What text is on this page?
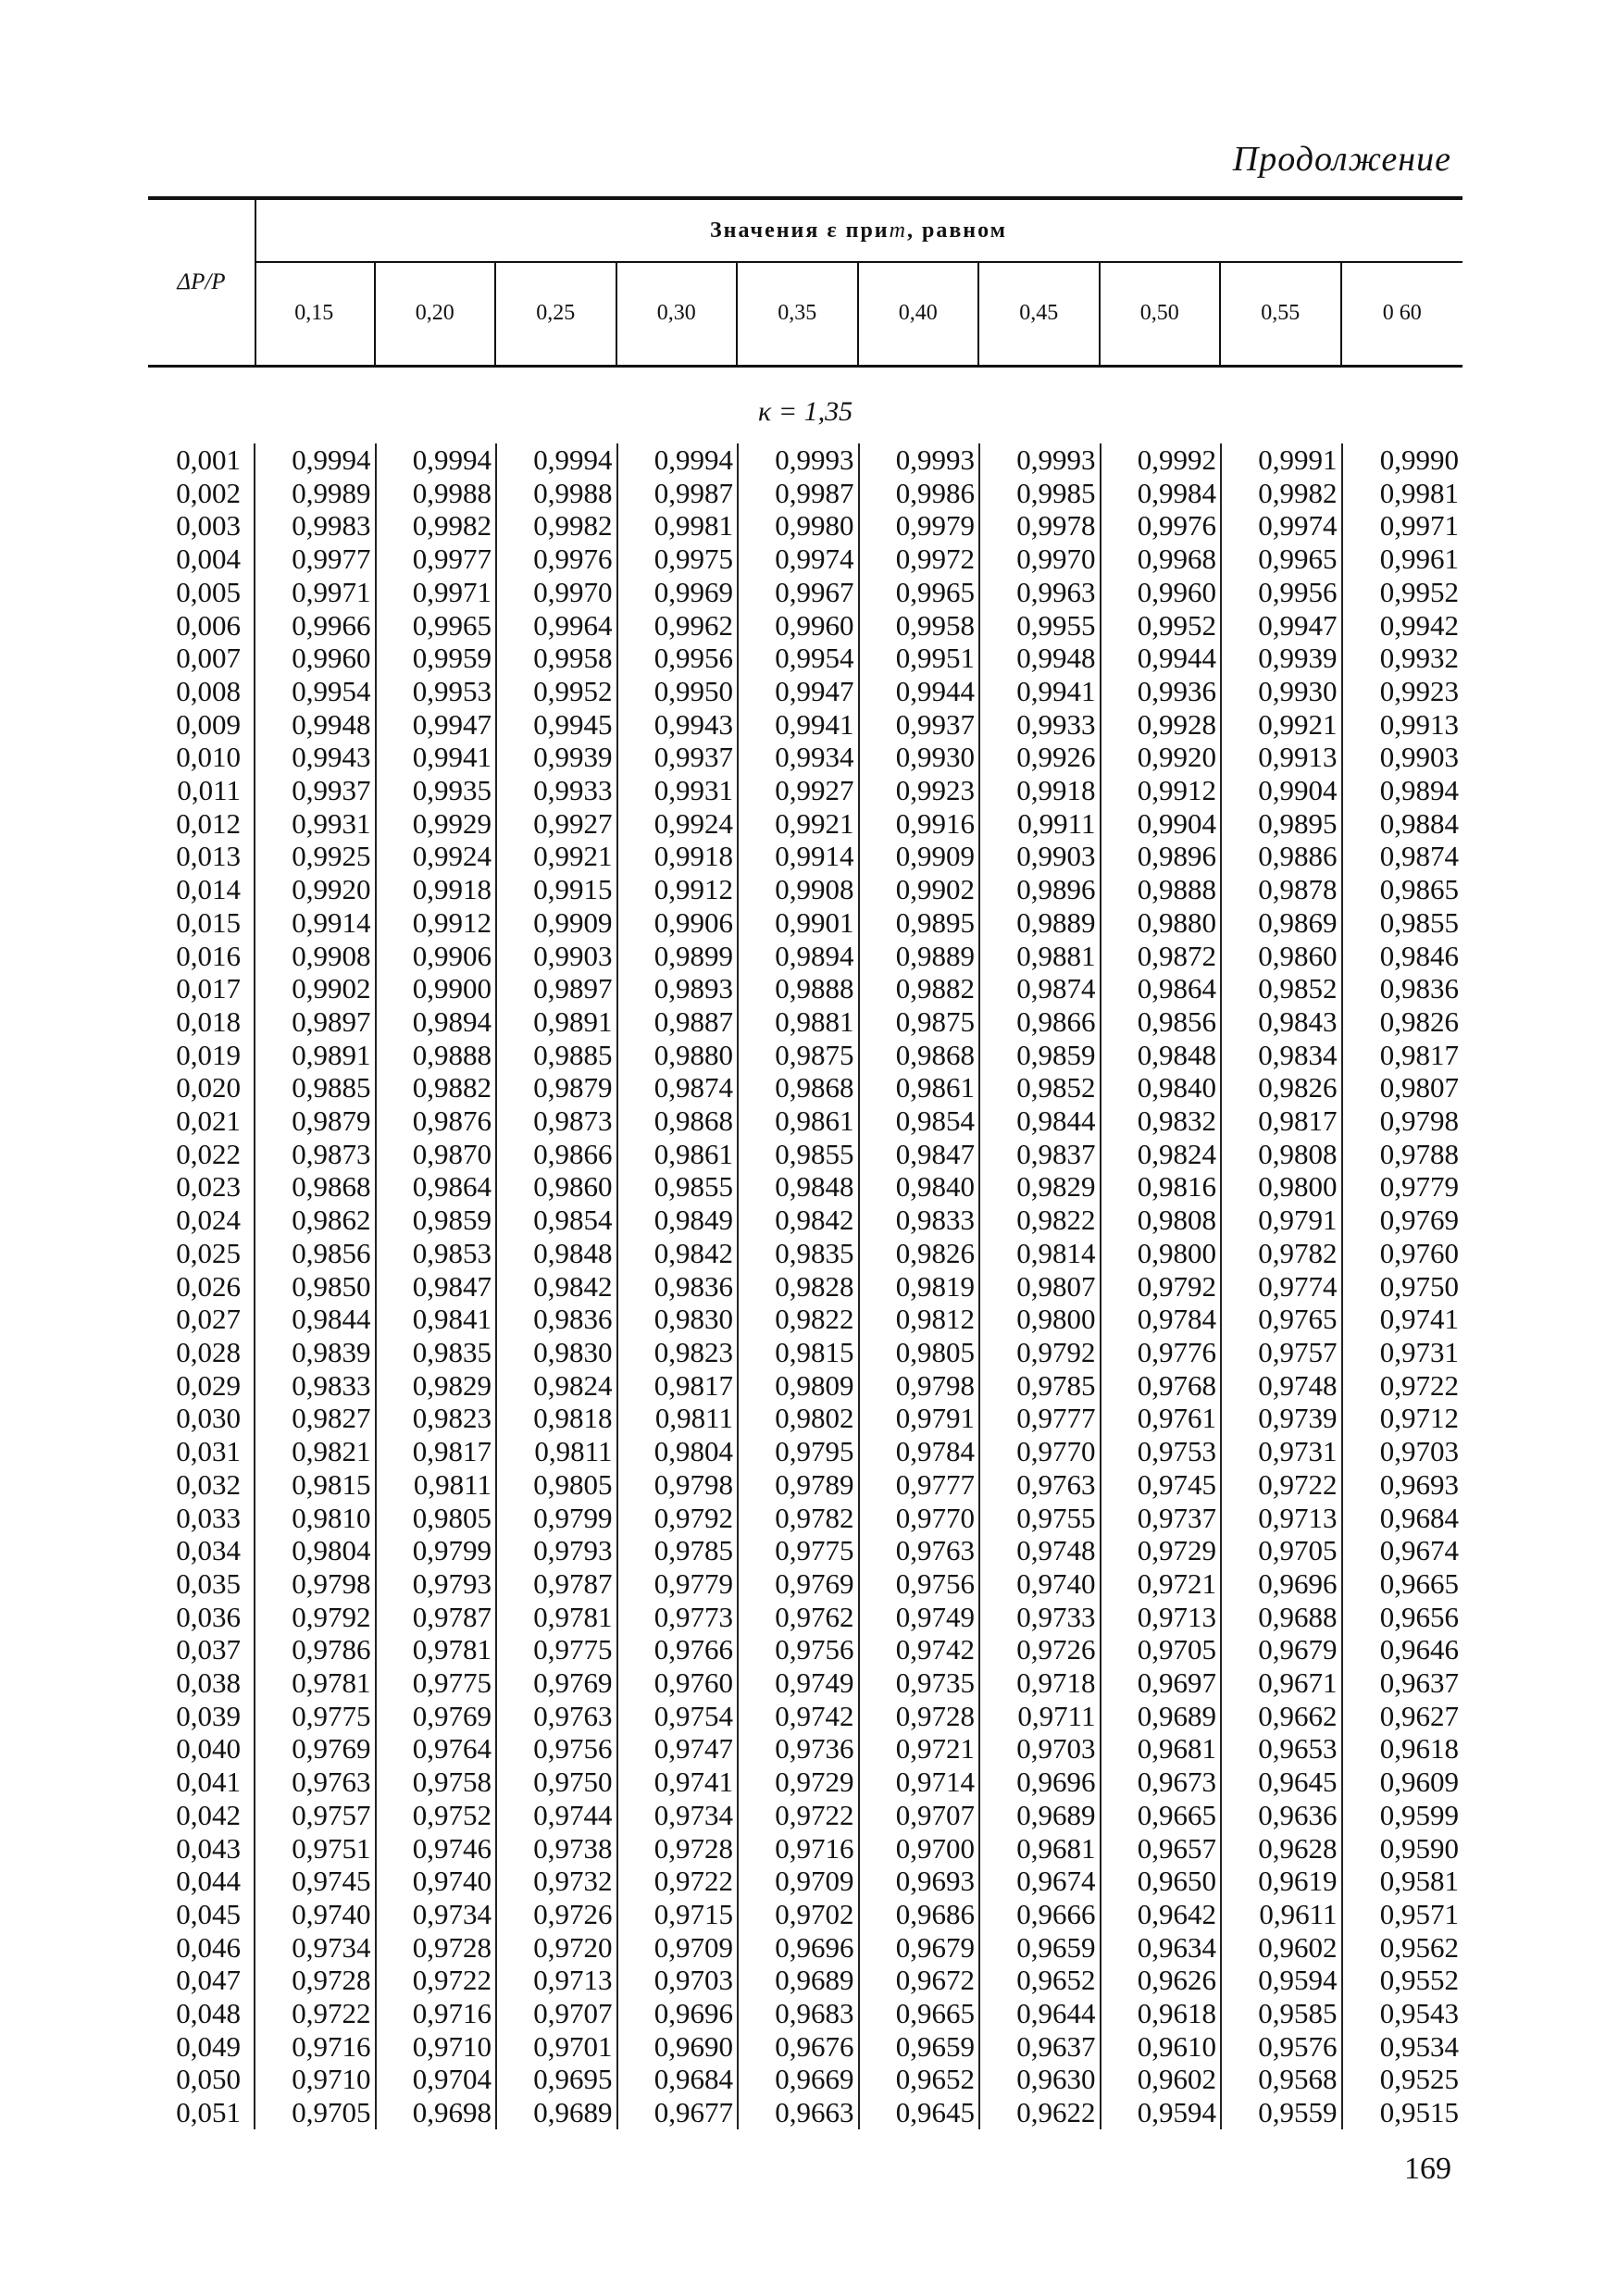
Продолжение
ΔP/P
Значения ε при m , равном
0,15	0,20	0,25	0,30	0,35	0,40	0,45	0,50	0,55	0 60
κ = 1,35
0,001	0,9994	0,9994	0,9994	0,9994	0,9993	0,9993	0,9993	0,9992	0,9991	0,9990
0,002	0,9989	0,9988	0,9988	0,9987	0,9987	0,9986	0,9985	0,9984	0,9982	0,9981
0,003	0,9983	0,9982	0,9982	0,9981	0,9980	0,9979	0,9978	0,9976	0,9974	0,9971
0,004	0,9977	0,9977	0,9976	0,9975	0,9974	0,9972	0,9970	0,9968	0,9965	0,9961
0,005	0,9971	0,9971	0,9970	0,9969	0,9967	0,9965	0,9963	0,9960	0,9956	0,9952
0,006	0,9966	0,9965	0,9964	0,9962	0,9960	0,9958	0,9955	0,9952	0,9947	0,9942
0,007	0,9960	0,9959	0,9958	0,9956	0,9954	0,9951	0,9948	0,9944	0,9939	0,9932
0,008	0,9954	0,9953	0,9952	0,9950	0,9947	0,9944	0,9941	0,9936	0,9930	0,9923
0,009	0,9948	0,9947	0,9945	0,9943	0,9941	0,9937	0,9933	0,9928	0,9921	0,9913
0,010	0,9943	0,9941	0,9939	0,9937	0,9934	0,9930	0,9926	0,9920	0,9913	0,9903
0,011	0,9937	0,9935	0,9933	0,9931	0,9927	0,9923	0,9918	0,9912	0,9904	0,9894
0,012	0,9931	0,9929	0,9927	0,9924	0,9921	0,9916	0,9911	0,9904	0,9895	0,9884
0,013	0,9925	0,9924	0,9921	0,9918	0,9914	0,9909	0,9903	0,9896	0,9886	0,9874
0,014	0,9920	0,9918	0,9915	0,9912	0,9908	0,9902	0,9896	0,9888	0,9878	0,9865
0,015	0,9914	0,9912	0,9909	0,9906	0,9901	0,9895	0,9889	0,9880	0,9869	0,9855
0,016	0,9908	0,9906	0,9903	0,9899	0,9894	0,9889	0,9881	0,9872	0,9860	0,9846
0,017	0,9902	0,9900	0,9897	0,9893	0,9888	0,9882	0,9874	0,9864	0,9852	0,9836
0,018	0,9897	0,9894	0,9891	0,9887	0,9881	0,9875	0,9866	0,9856	0,9843	0,9826
0,019	0,9891	0,9888	0,9885	0,9880	0,9875	0,9868	0,9859	0,9848	0,9834	0,9817
0,020	0,9885	0,9882	0,9879	0,9874	0,9868	0,9861	0,9852	0,9840	0,9826	0,9807
0,021	0,9879	0,9876	0,9873	0,9868	0,9861	0,9854	0,9844	0,9832	0,9817	0,9798
0,022	0,9873	0,9870	0,9866	0,9861	0,9855	0,9847	0,9837	0,9824	0,9808	0,9788
0,023	0,9868	0,9864	0,9860	0,9855	0,9848	0,9840	0,9829	0,9816	0,9800	0,9779
0,024	0,9862	0,9859	0,9854	0,9849	0,9842	0,9833	0,9822	0,9808	0,9791	0,9769
0,025	0,9856	0,9853	0,9848	0,9842	0,9835	0,9826	0,9814	0,9800	0,9782	0,9760
0,026	0,9850	0,9847	0,9842	0,9836	0,9828	0,9819	0,9807	0,9792	0,9774	0,9750
0,027	0,9844	0,9841	0,9836	0,9830	0,9822	0,9812	0,9800	0,9784	0,9765	0,9741
0,028	0,9839	0,9835	0,9830	0,9823	0,9815	0,9805	0,9792	0,9776	0,9757	0,9731
0,029	0,9833	0,9829	0,9824	0,9817	0,9809	0,9798	0,9785	0,9768	0,9748	0,9722
0,030	0,9827	0,9823	0,9818	0,9811	0,9802	0,9791	0,9777	0,9761	0,9739	0,9712
0,031	0,9821	0,9817	0,9811	0,9804	0,9795	0,9784	0,9770	0,9753	0,9731	0,9703
0,032	0,9815	0,9811	0,9805	0,9798	0,9789	0,9777	0,9763	0,9745	0,9722	0,9693
0,033	0,9810	0,9805	0,9799	0,9792	0,9782	0,9770	0,9755	0,9737	0,9713	0,9684
0,034	0,9804	0,9799	0,9793	0,9785	0,9775	0,9763	0,9748	0,9729	0,9705	0,9674
0,035	0,9798	0,9793	0,9787	0,9779	0,9769	0,9756	0,9740	0,9721	0,9696	0,9665
0,036	0,9792	0,9787	0,9781	0,9773	0,9762	0,9749	0,9733	0,9713	0,9688	0,9656
0,037	0,9786	0,9781	0,9775	0,9766	0,9756	0,9742	0,9726	0,9705	0,9679	0,9646
0,038	0,9781	0,9775	0,9769	0,9760	0,9749	0,9735	0,9718	0,9697	0,9671	0,9637
0,039	0,9775	0,9769	0,9763	0,9754	0,9742	0,9728	0,9711	0,9689	0,9662	0,9627
0,040	0,9769	0,9764	0,9756	0,9747	0,9736	0,9721	0,9703	0,9681	0,9653	0,9618
0,041	0,9763	0,9758	0,9750	0,9741	0,9729	0,9714	0,9696	0,9673	0,9645	0,9609
0,042	0,9757	0,9752	0,9744	0,9734	0,9722	0,9707	0,9689	0,9665	0,9636	0,9599
0,043	0,9751	0,9746	0,9738	0,9728	0,9716	0,9700	0,9681	0,9657	0,9628	0,9590
0,044	0,9745	0,9740	0,9732	0,9722	0,9709	0,9693	0,9674	0,9650	0,9619	0,9581
0,045	0,9740	0,9734	0,9726	0,9715	0,9702	0,9686	0,9666	0,9642	0,9611	0,9571
0,046	0,9734	0,9728	0,9720	0,9709	0,9696	0,9679	0,9659	0,9634	0,9602	0,9562
0,047	0,9728	0,9722	0,9713	0,9703	0,9689	0,9672	0,9652	0,9626	0,9594	0,9552
0,048	0,9722	0,9716	0,9707	0,9696	0,9683	0,9665	0,9644	0,9618	0,9585	0,9543
0,049	0,9716	0,9710	0,9701	0,9690	0,9676	0,9659	0,9637	0,9610	0,9576	0,9534
0,050	0,9710	0,9704	0,9695	0,9684	0,9669	0,9652	0,9630	0,9602	0,9568	0,9525
0,051	0,9705	0,9698	0,9689	0,9677	0,9663	0,9645	0,9622	0,9594	0,9559	0,9515
169
